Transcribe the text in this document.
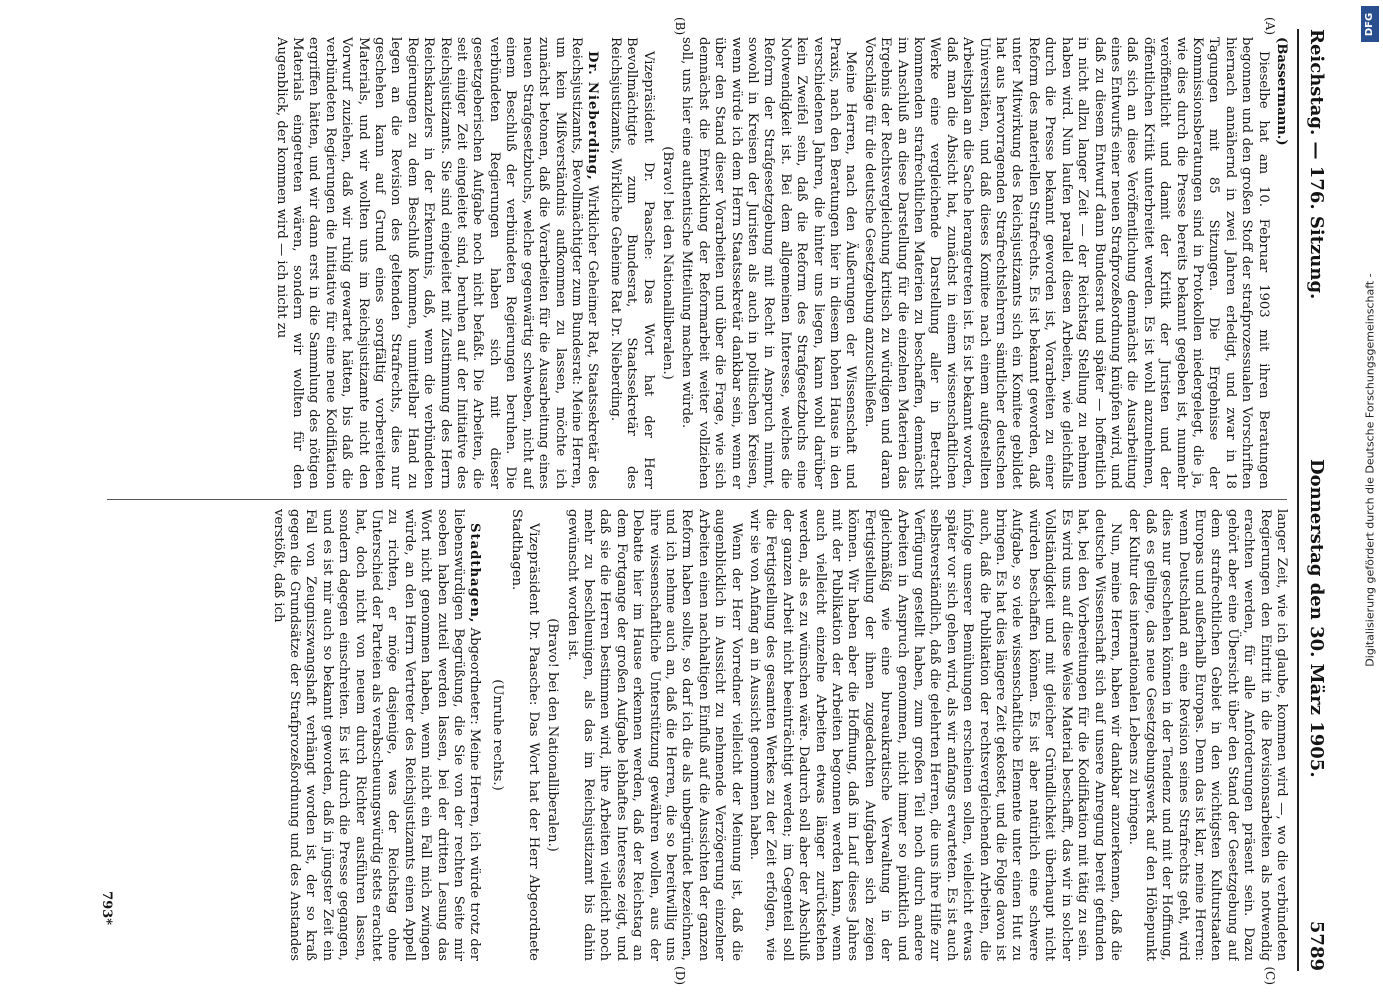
Reichstag. — 176. Sitzung.
Donnerstag den 30. März 1905.
5789
(A)
(B)
(C)
(D)

(Bassermann.)

Dieselbe hat am 10. Februar 1903 mit ihren Beratungen begonnen und den großen Stoff der strafprozessualen Vorschriften hiernach annähernd in zwei Jahren erledigt, und zwar in 18 Tagungen mit 85 Sitzungen. Die Ergebnisse der Kommissionsberatungen sind in Protokollen niedergelegt, die ja, wie dies durch die Presse bereits bekannt gegeben ist, nunmehr veröffentlicht und damit der Kritik der Juristen und der öffentlichen Kritik unterbreitet werden. Es ist wohl anzunehmen, daß sich an diese Veröffentlichung demnächst die Ausarbeitung eines Entwurfs einer neuen Strafprozeßordnung knüpfen wird, und daß zu diesem Entwurf dann Bundesrat und später — hoffentlich in nicht allzu langer Zeit — der Reichstag Stellung zu nehmen haben wird. Nun laufen parallel diesen Arbeiten, wie gleichfalls durch die Presse bekannt geworden ist, Vorarbeiten zu einer Reform des materiellen Strafrechts. Es ist bekannt geworden, daß unter Mitwirkung des Reichsjustizamts sich ein Komitee gebildet hat aus hervorragenden Strafrechtslehrern sämtlicher deutschen Universitäten, und daß dieses Komitee nach einem aufgestellten Arbeitsplan an die Sache herangetreten ist. Es ist bekannt worden, daß man die Absicht hat, zunächst in einem wissenschaftlichen Werke eine vergleichende Darstellung aller in Betracht kommenden strafrechtlichen Materien zu beschaffen, demnächst im Anschluß an diese Darstellung für die einzelnen Materien das Ergebnis der Rechtsvergleichung kritisch zu würdigen und daran Vorschläge für die deutsche Gesetzgebung anzuschließen.

Meine Herren, nach den Äußerungen der Wissenschaft und Praxis, nach den Beratungen hier in diesem hohen Hause in den verschiedenen Jahren, die hinter uns liegen, kann wohl darüber kein Zweifel sein, daß die Reform des Strafgesetzbuchs eine Notwendigkeit ist. Bei dem allgemeinen Interesse, welches die Reform der Strafgesetzgebung mit Recht in Anspruch nimmt, sowohl in Kreisen der Juristen als auch in politischen Kreisen, wenn würde ich dem Herrn Staatssekretär dankbar sein, wenn er über den Stand dieser Vorarbeiten und über die Frage, wie sich demnächst die Entwicklung der Reformarbeit weiter vollziehen soll, uns hier eine authentische Mitteilung machen würde.

(Bravo! bei den Nationalliberalen.)

Vizepräsident Dr. Paasche: Das Wort hat der Herr Bevollmächtigte zum Bundesrat, Staatssekretär des Reichsjustizamts, Wirkliche Geheime Rat Dr. Nieberding.

Dr. Nieberding, Wirklicher Geheimer Rat, Staatssekretär des Reichsjustizamts, Bevollmächtigter zum Bundesrat: Meine Herren, um kein Mißverständnis aufkommen zu lassen, möchte ich zunächst betonen, daß die Vorarbeiten für die Ausarbeitung eines neuen Strafgesetzbuchs, welche gegenwärtig schweben, nicht auf einem Beschluß der verbündeten Regierungen beruhen. Die verbündeten Regierungen haben sich mit dieser gesetzgeberischen Aufgabe noch nicht befaßt. Die Arbeiten, die seit einiger Zeit eingeleitet sind, beruhen auf der Initiative des Reichsjustizamts. Sie sind eingeleitet mit Zustimmung des Herrn Reichskanzlers in der Erkenntnis, daß, wenn die verbündeten Regierungen zu dem Beschluß kommen, unmittelbar Hand zu legen an die Revision des geltenden Strafrechts, dies nur geschehen kann auf Grund eines sorgfältig vorbereiteten Materials, und wir wollten uns im Reichsjustizamte nicht den Vorwurf zuziehen, daß wir ruhig gewartet hätten, bis daß die verbündeten Regierungen die Initiative für eine neue Kodifikation ergriffen hätten, und wir dann erst in die Sammlung des nötigen Materials eingetreten wären, sondern wir wollten für den Augenblick, der kommen wird — ich nicht zu

langer Zeit, wie ich glaube, kommen wird —, wo die verbündeten Regierungen den Eintritt in die Revisionsarbeiten als notwendig erachten werden, für alle Anforderungen präsent sein. Dazu gehört aber eine Übersicht über den Stand der Gesetzgebung auf dem strafrechtlichen Gebiet in den wichtigsten Kulturstaaten Europas und außerhalb Europas. Denn das ist klar, meine Herren: wenn Deutschland an eine Revision seines Strafrechts geht, wird dies nur geschehen können in der Tendenz und mit der Hoffnung, daß es gelinge, das neue Gesetzgebungswerk auf den Höhepunkt der Kultur des internationalen Lebens zu bringen.

Nun, meine Herren, haben wir dankbar anzuerkennen, daß die deutsche Wissenschaft sich auf unsere Anregung bereit gefunden hat, bei den Vorbereitungen für die Kodifikation mit tätig zu sein. Es wird uns auf diese Weise Material beschafft, das wir in solcher Vollständigkeit und mit gleicher Gründlichkeit überhaupt nicht würden beschaffen können. Es ist aber natürlich eine schwere Aufgabe, so viele wissenschaftliche Elemente unter einen Hut zu bringen. Es hat dies längere Zeit gekostet, und die Folge davon ist auch, daß die Publikation der rechtsvergleichenden Arbeiten, die infolge unserer Bemühungen erscheinen sollen, vielleicht etwas später vor sich gehen wird, als wir anfangs erwarteten. Es ist auch selbstverständlich, daß die gelehrten Herren, die uns ihre Hilfe zur Verfügung gestellt haben, zum großen Teil noch durch andere Arbeiten in Anspruch genommen, nicht immer so pünktlich und gleichmäßig wie eine bureaukratische Verwaltung in der Fertigstellung der ihnen zugedachten Aufgaben sich zeigen können. Wir haben aber die Hoffnung, daß im Lauf dieses Jahres mit der Publikation der Arbeiten begonnen werden kann, wenn auch vielleicht einzelne Arbeiten etwas länger zurückstehen werden, als es zu wünschen wäre. Dadurch soll aber der Abschluß der ganzen Arbeit nicht beeinträchtigt werden; im Gegenteil soll die Fertigstellung des gesamten Werkes zu der Zeit erfolgen, wie wir sie von Anfang an in Aussicht genommen haben.

Wenn der Herr Vorredner vielleicht der Meinung ist, daß die augenblicklich in Aussicht zu nehmende Verzögerung einzelner Arbeiten einen nachhaltigen Einfluß auf die Aussichten der ganzen Reform haben sollte, so darf ich die als unbegründet bezeichnen, und ich nehme auch an, daß die Herren, die so bereitwillig uns ihre wissenschaftliche Unterstützung gewähren wollen, aus der Debatte hier im Hause erkennen werden, daß der Reichstag an dem Fortgange der großen Aufgabe lebhaftes Interesse zeigt, und daß sie die Herren bestimmen wird, ihre Arbeiten vielleicht noch mehr zu beschleunigen, als das im Reichsjustizamt bis dahin gewünscht worden ist.

(Bravo! bei den Nationalliberalen.)

Vizepräsident Dr. Paasche: Das Wort hat der Herr Abgeordnete Stadthagen.

(Unruhe rechts.)

Stadthagen, Abgeordneter: Meine Herren, ich würde trotz der liebenswürdigen Begrüßung, die Sie von der rechten Seite mir soeben haben zuteil werden lassen, bei der dritten Lesung das Wort nicht genommen haben, wenn nicht ein Fall mich zwingen würde, an den Herrn Vertreter des Reichsjustizamts einen Appell zu richten, er möge dasjenige, was der Reichstag ohne Unterschied der Parteien als verabscheuungswürdig stets erachtet hat, doch nicht von neuem durch Richter ausführen lassen, sondern dagegen einschreiten. Es ist durch die Presse gegangen, und es ist mir auch so bekannt geworden, daß in jüngster Zeit ein Fall von Zeugniszwangshaft verhängt worden ist, der so kraß gegen die Grundsätze der Strafprozeßordnung und des Anstandes verstößt, daß ich

793*
DFG
Digitalisierung gefördert durch die Deutsche Forschungsgemeinschaft -
